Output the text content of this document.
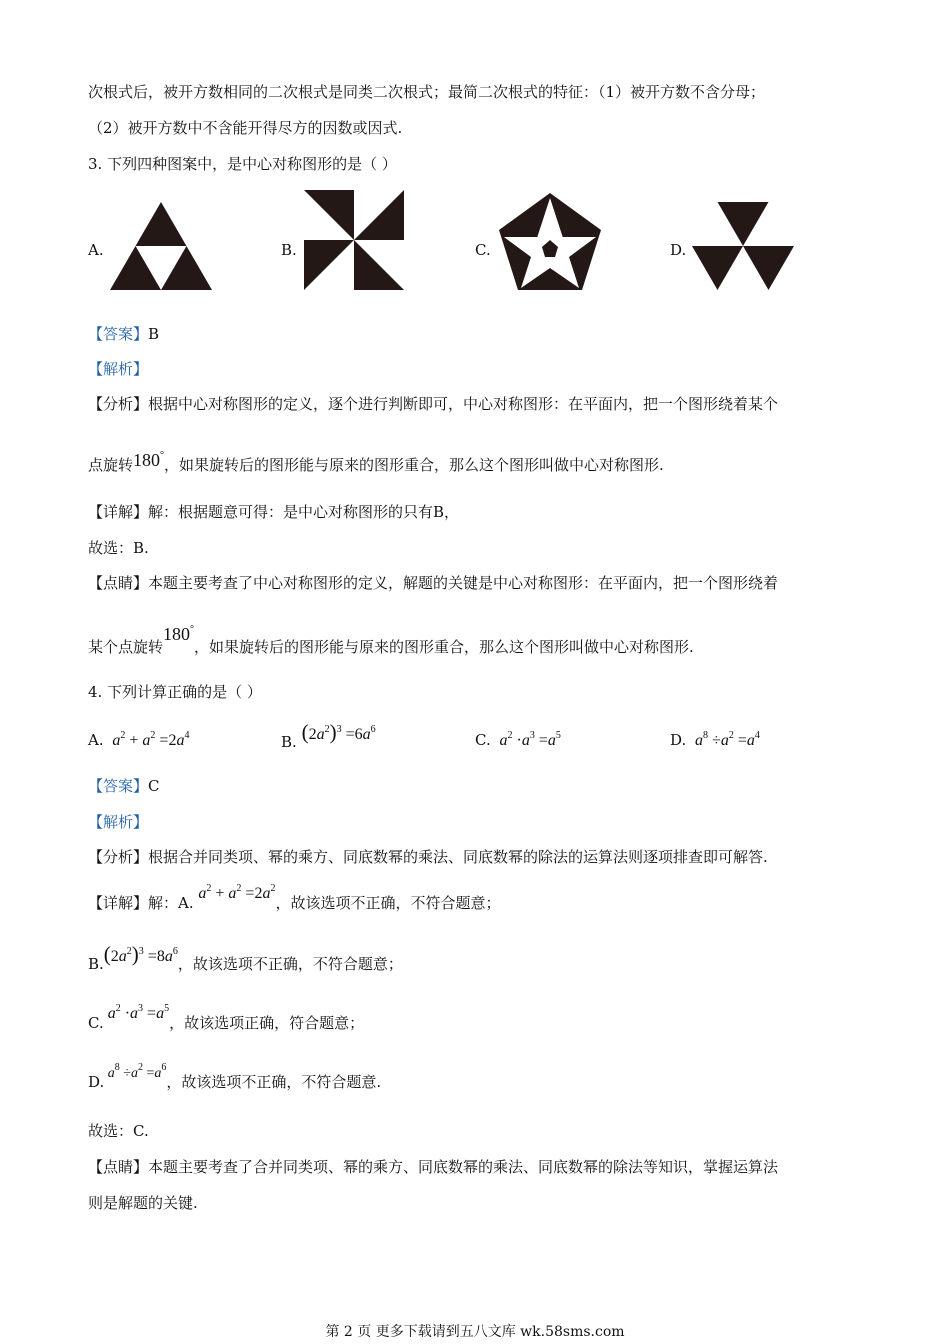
次根式后，被开方数相同的二次根式是同类二次根式；最简二次根式的特征：（1）被开方数不含分母；
（2）被开方数中不含能开得尽方的因数或因式.
3. 下列四种图案中，是中心对称图形的是（ ）
A.	B.	C.	D.
【答案】B
【解析】
【分析】根据中心对称图形的定义，逐个进行判断即可，中心对称图形：在平面内，把一个图形绕着某个
点旋转180°，如果旋转后的图形能与原来的图形重合，那么这个图形叫做中心对称图形.
【详解】解：根据题意可得：是中心对称图形的只有B，
故选：B.
【点睛】本题主要考查了中心对称图形的定义，解题的关键是中心对称图形：在平面内，把一个图形绕着
某个点旋转180°，如果旋转后的图形能与原来的图形重合，那么这个图形叫做中心对称图形.
4. 下列计算正确的是（ ）
A. $a^2 + a^2 =2a^4$	B. $(2a^2)^3 =6a^6$
C. $a^2 \cdot a^3 =a^5$	D. $a^8 \div a^2 =a^4$
【答案】C
【解析】
【分析】根据合并同类项、幂的乘方、同底数幂的乘法、同底数幂的除法的运算法则逐项排查即可解答.
【详解】解：A. $a^2 + a^2 =2a^2$，故该选项不正确，不符合题意；
$B.(2a^2)^3 =8a^6$，故该选项不正确，不符合题意；
C. $a^2 \cdot a^3 =a^5$，故该选项正确，符合题意；
D. $a^8 \div a^2 =a^6$，故该选项不正确，不符合题意.
故选：C.
【点睛】本题主要考查了合并同类项、幂的乘方、同底数幂的乘法、同底数幂的除法等知识，掌握运算法
则是解题的关键.
第 2 页 更多下载请到五八文库 wk.58sms.com
